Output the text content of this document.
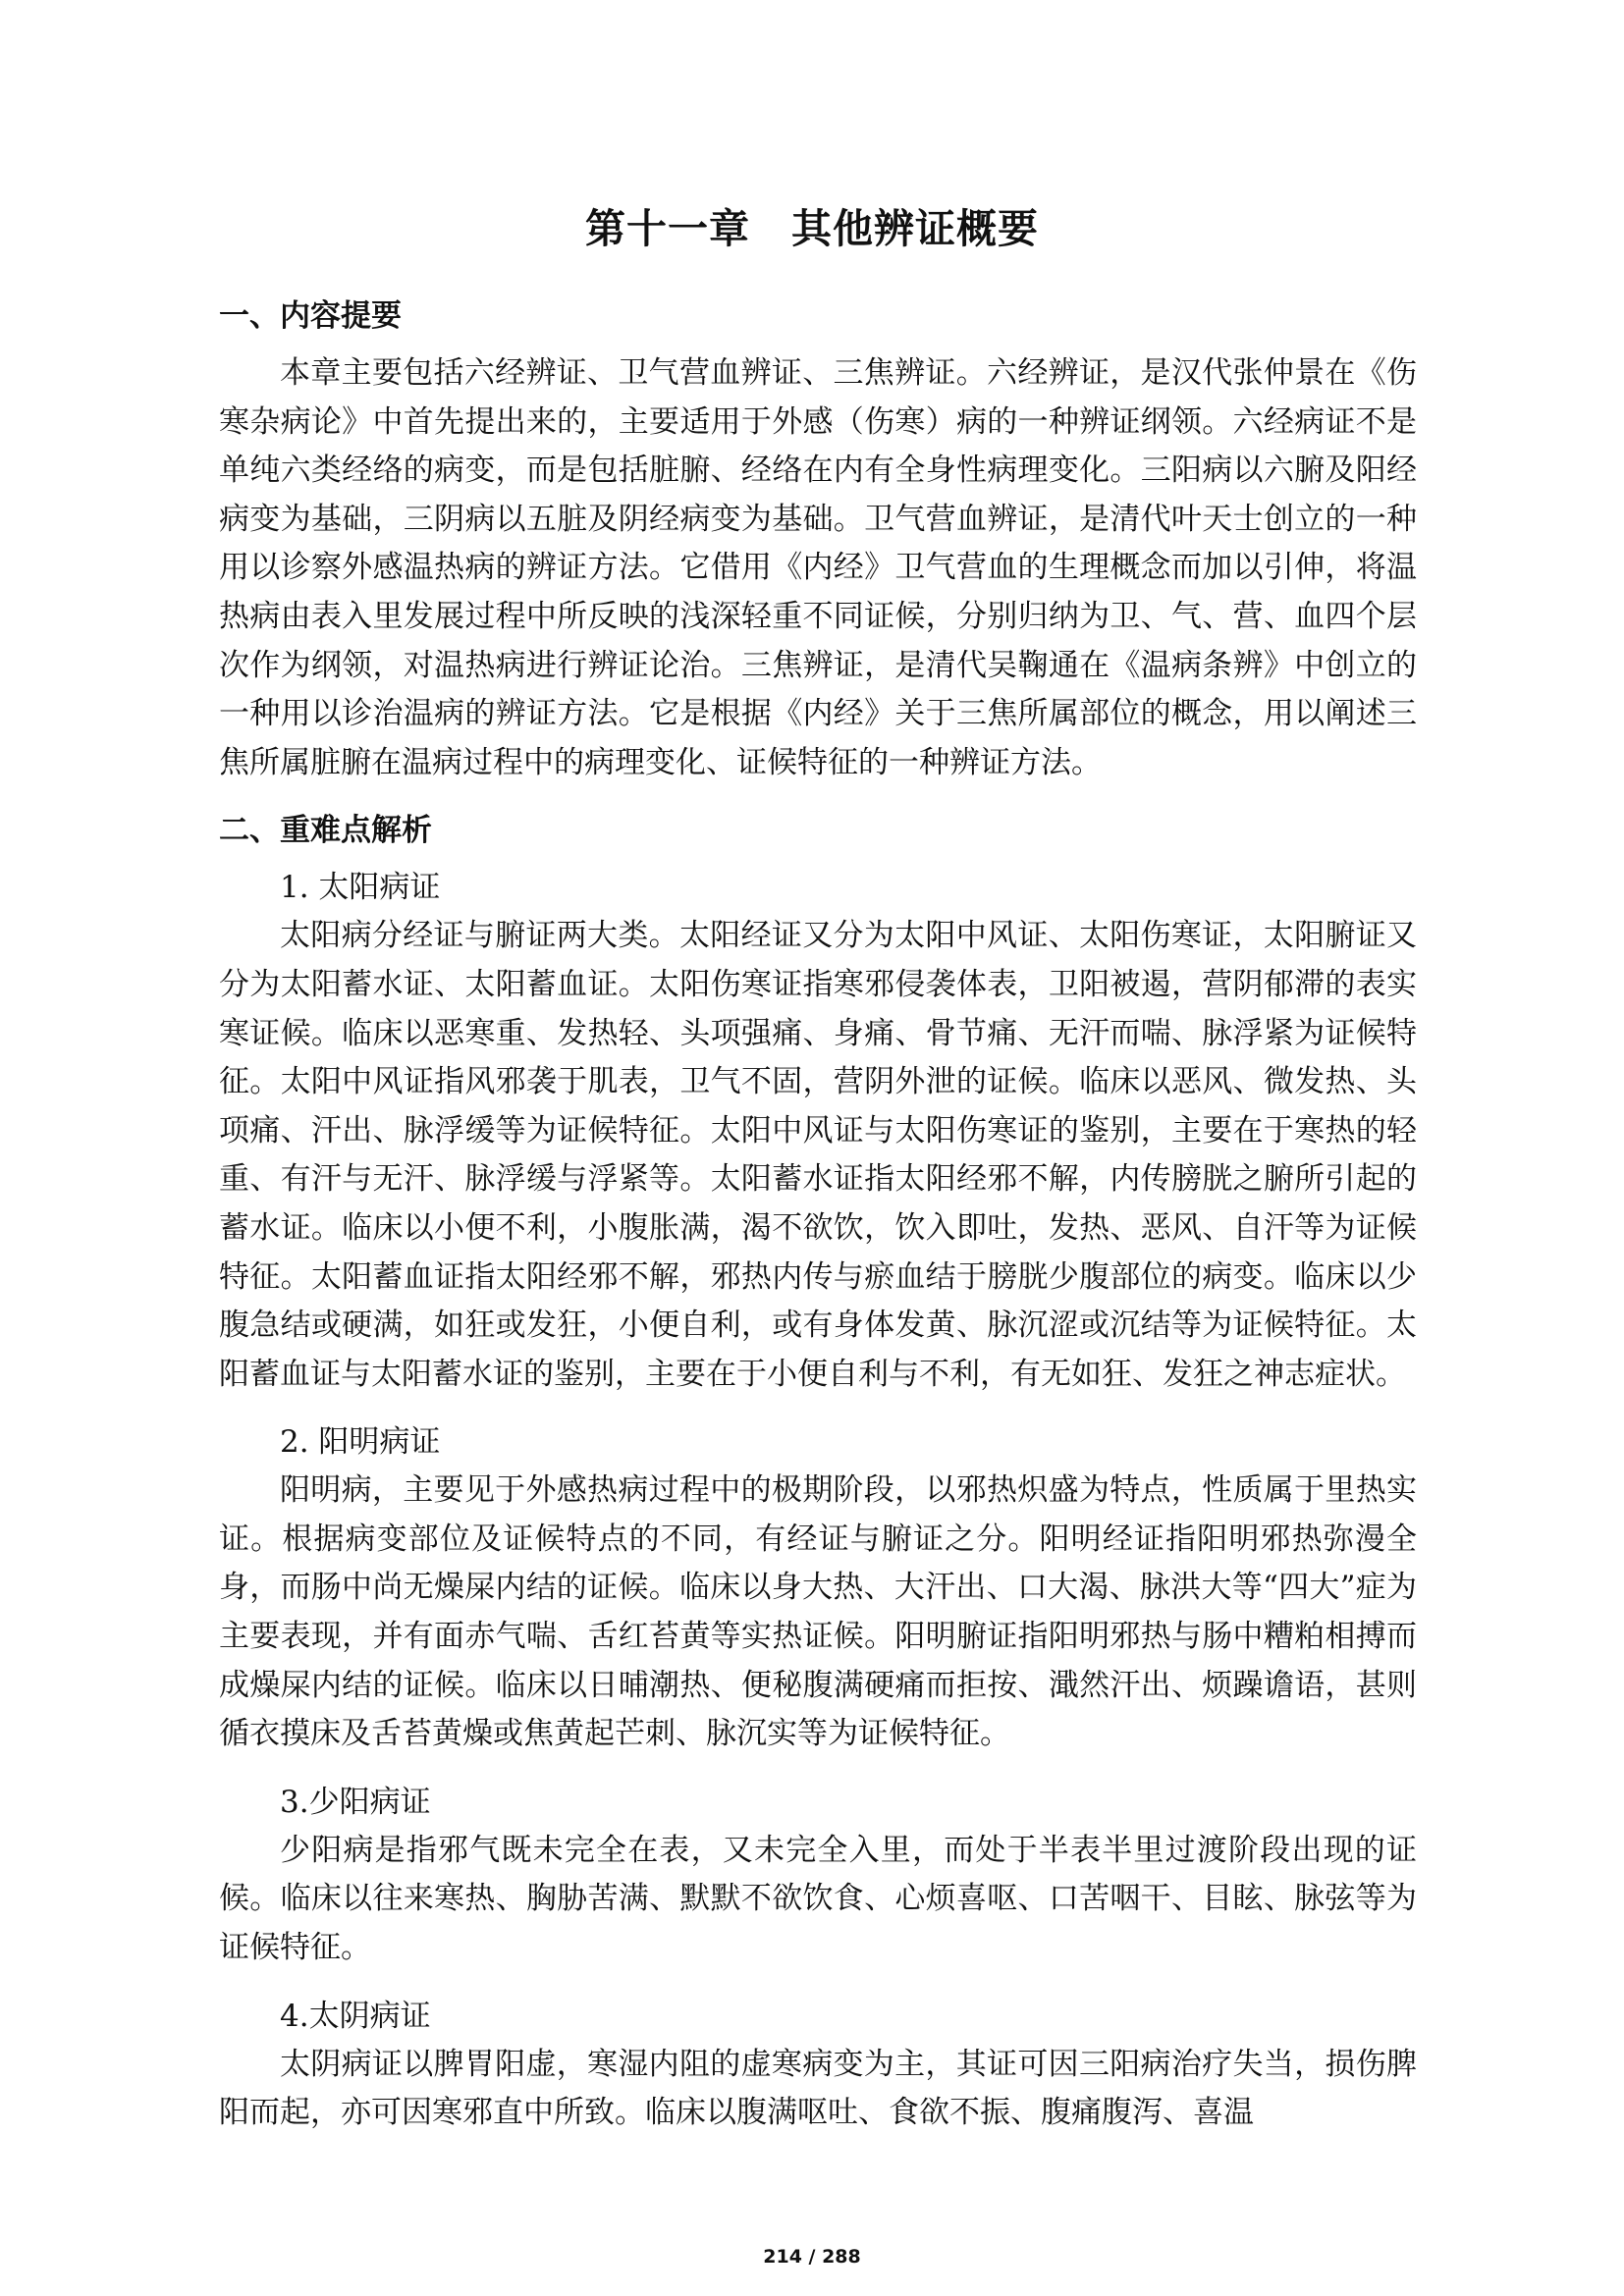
第十一章　其他辨证概要
一、内容提要

本章主要包括六经辨证、卫气营血辨证、三焦辨证。六经辨证，是汉代张仲景在《伤寒杂病论》中首先提出来的，主要适用于外感（伤寒）病的一种辨证纲领。六经病证不是单纯六类经络的病变，而是包括脏腑、经络在内有全身性病理变化。三阳病以六腑及阳经病变为基础，三阴病以五脏及阴经病变为基础。卫气营血辨证，是清代叶天士创立的一种用以诊察外感温热病的辨证方法。它借用《内经》卫气营血的生理概念而加以引伸，将温热病由表入里发展过程中所反映的浅深轻重不同证候，分别归纳为卫、气、营、血四个层次作为纲领，对温热病进行辨证论治。三焦辨证，是清代吴鞠通在《温病条辨》中创立的一种用以诊治温病的辨证方法。它是根据《内经》关于三焦所属部位的概念，用以阐述三焦所属脏腑在温病过程中的病理变化、证候特征的一种辨证方法。

二、重难点解析
1. 太阳病证

太阳病分经证与腑证两大类。太阳经证又分为太阳中风证、太阳伤寒证，太阳腑证又分为太阳蓄水证、太阳蓄血证。太阳伤寒证指寒邪侵袭体表，卫阳被遏，营阴郁滞的表实寒证候。临床以恶寒重、发热轻、头项强痛、身痛、骨节痛、无汗而喘、脉浮紧为证候特征。太阳中风证指风邪袭于肌表，卫气不固，营阴外泄的证候。临床以恶风、微发热、头项痛、汗出、脉浮缓等为证候特征。太阳中风证与太阳伤寒证的鉴别，主要在于寒热的轻重、有汗与无汗、脉浮缓与浮紧等。太阳蓄水证指太阳经邪不解，内传膀胱之腑所引起的蓄水证。临床以小便不利，小腹胀满，渴不欲饮，饮入即吐，发热、恶风、自汗等为证候特征。太阳蓄血证指太阳经邪不解，邪热内传与瘀血结于膀胱少腹部位的病变。临床以少腹急结或硬满，如狂或发狂，小便自利，或有身体发黄、脉沉涩或沉结等为证候特征。太阳蓄血证与太阳蓄水证的鉴别，主要在于小便自利与不利，有无如狂、发狂之神志症状。

2. 阳明病证

阳明病，主要见于外感热病过程中的极期阶段，以邪热炽盛为特点，性质属于里热实证。根据病变部位及证候特点的不同，有经证与腑证之分。阳明经证指阳明邪热弥漫全身，而肠中尚无燥屎内结的证候。临床以身大热、大汗出、口大渴、脉洪大等“四大”症为主要表现，并有面赤气喘、舌红苔黄等实热证候。阳明腑证指阳明邪热与肠中糟粕相搏而成燥屎内结的证候。临床以日晡潮热、便秘腹满硬痛而拒按、濈然汗出、烦躁谵语，甚则循衣摸床及舌苔黄燥或焦黄起芒刺、脉沉实等为证候特征。

3.少阳病证

少阳病是指邪气既未完全在表，又未完全入里，而处于半表半里过渡阶段出现的证候。临床以往来寒热、胸胁苦满、默默不欲饮食、心烦喜呕、口苦咽干、目眩、脉弦等为证候特征。

4.太阴病证

太阴病证以脾胃阳虚，寒湿内阻的虚寒病变为主，其证可因三阳病治疗失当，损伤脾阳而起，亦可因寒邪直中所致。临床以腹满呕吐、食欲不振、腹痛腹泻、喜温

214 / 288
